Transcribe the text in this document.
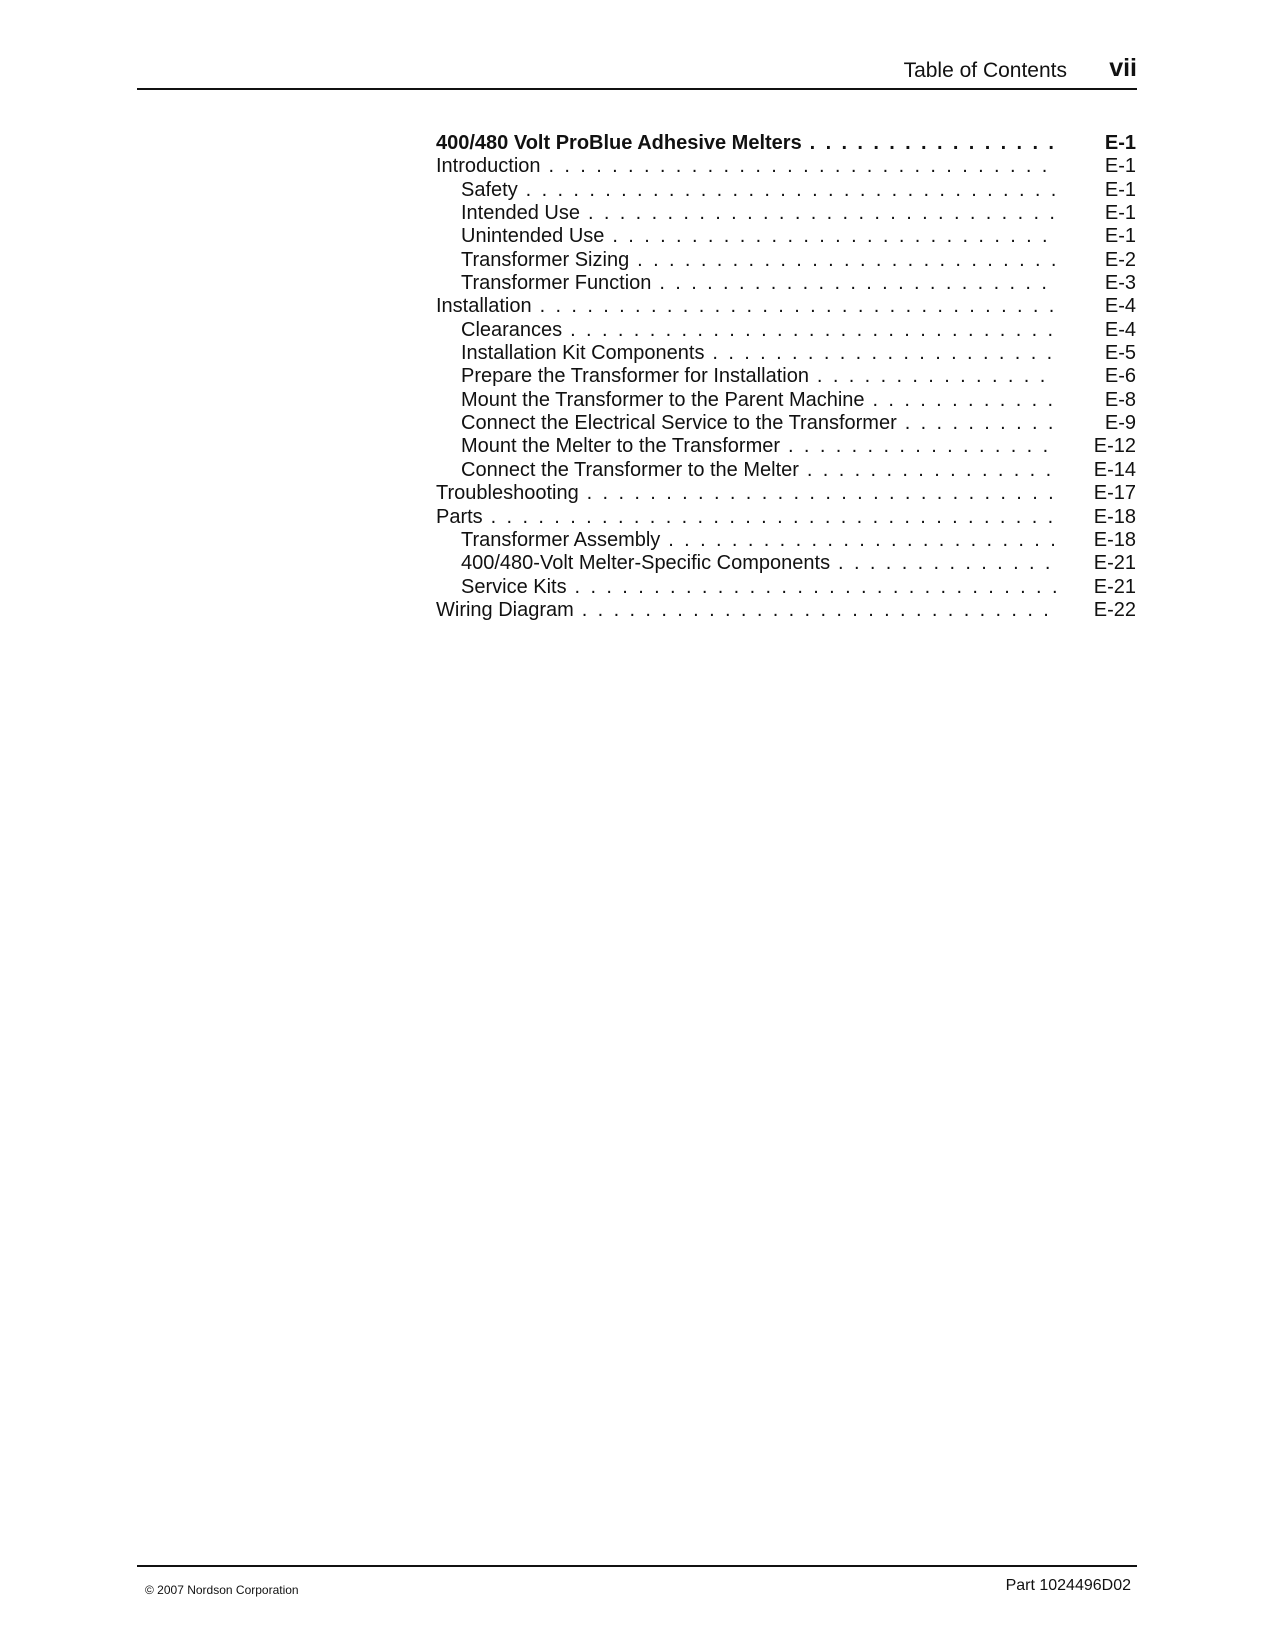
Table of Contents vii
400/480 Volt ProBlue Adhesive Melters . . .	E-1
Introduction . . .	E-1
Safety . . .	E-1
Intended Use . . .	E-1
Unintended Use . . .	E-1
Transformer Sizing . . .	E-2
Transformer Function . . .	E-3
Installation . . .	E-4
Clearances . . .	E-4
Installation Kit Components . . .	E-5
Prepare the Transformer for Installation . . .	E-6
Mount the Transformer to the Parent Machine . . .	E-8
Connect the Electrical Service to the Transformer . . .	E-9
Mount the Melter to the Transformer . . .	E-12
Connect the Transformer to the Melter . . .	E-14
Troubleshooting . . .	E-17
Parts . . .	E-18
Transformer Assembly . . .	E-18
400/480-Volt Melter-Specific Components . . .	E-21
Service Kits . . .	E-21
Wiring Diagram . . .	E-22
© 2007 Nordson Corporation	Part 1024496D02
